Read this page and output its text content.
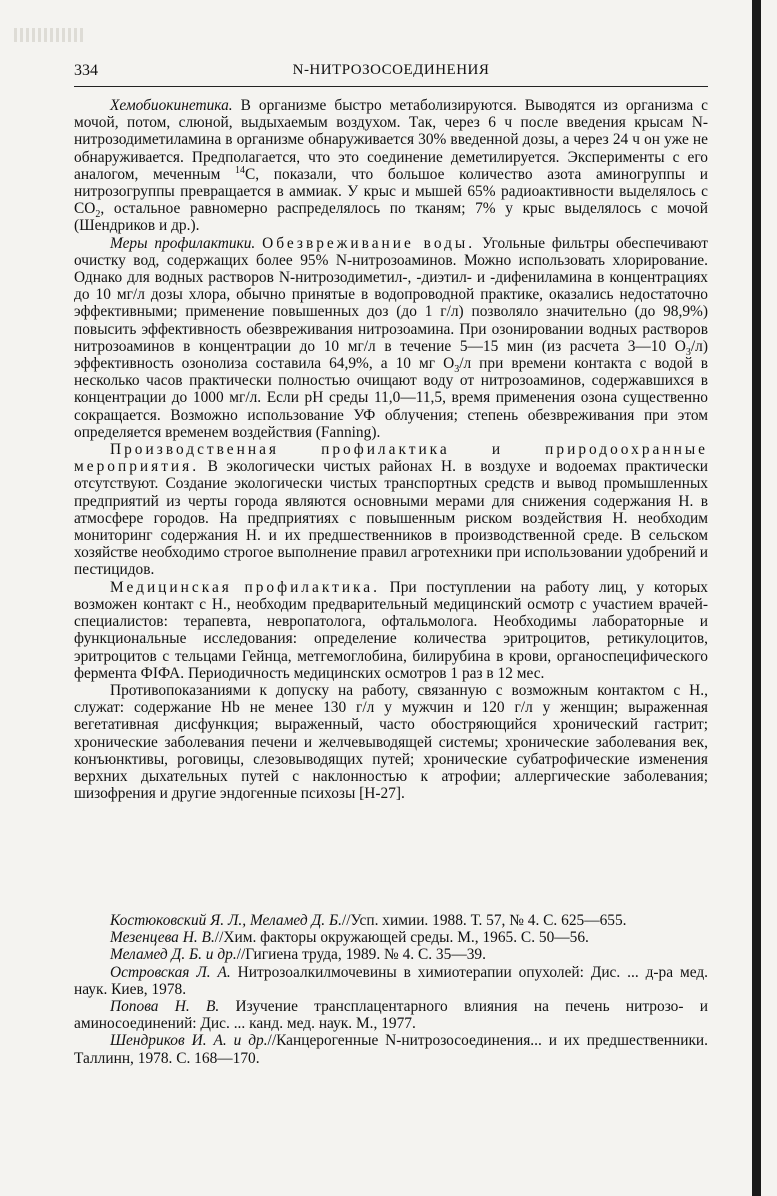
334	N-НИТРОЗОСОЕДИНЕНИЯ

Хемобиокинетика. В организме быстро метаболизируются. Выводятся из организма с мочой, потом, слюной, выдыхаемым воздухом. Так, через 6 ч после введения крысам N-нитрозодиметиламина в организме обнаруживается 30% введенной дозы, а через 24 ч он уже не обнаруживается. Предполагается, что это соединение деметилируется. Эксперименты с его аналогом, меченным $^{14}$С, показали, что большое количество азота аминогруппы и нитрозогруппы превращается в аммиак. У крыс и мышей 65% радиоактивности выделялось с $СО_2$, остальное равномерно распределялось по тканям; 7% у крыс выделялось с мочой (Шендриков и др.).

Меры профилактики. Обезвреживание воды. Угольные фильтры обеспечивают очистку вод, содержащих более 95% N-нитрозоаминов. Можно использовать хлорирование. Однако для водных растворов N-нитрозодиметил-, -диэтил- и -дифениламина в концентрациях до 10 мг/л дозы хлора, обычно принятые в водопроводной практике, оказались недостаточно эффективными; применение повышенных доз (до 1 г/л) позволяло значительно (до 98,9%) повысить эффективность обезвреживания нитрозоамина. При озонировании водных растворов нитрозоаминов в концентрации до 10 мг/л в течение 5—15 мин (из расчета 3—10 $О_3/л$) эффективность озонолиза составила 64,9%, а 10 мг $О_3/л$ при времени контакта с водой в несколько часов практически полностью очищают воду от нитрозоаминов, содержавшихся в концентрации до 1000 мг/л. Если pH среды 11,0—11,5, время применения озона существенно сокращается. Возможно использование УФ облучения; степень обезвреживания при этом определяется временем воздействия (Fanning).

Производственная профилактика и природоохранные мероприятия. В экологически чистых районах Н. в воздухе и водоемах практически отсутствуют. Создание экологически чистых транспортных средств и вывод промышленных предприятий из черты города являются основными мерами для снижения содержания Н. в атмосфере городов. На предприятиях с повышенным риском воздействия Н. необходим мониторинг содержания Н. и их предшественников в производственной среде. В сельском хозяйстве необходимо строгое выполнение правил агротехники при использовании удобрений и пестицидов.

Медицинская профилактика. При поступлении на работу лиц, у которых возможен контакт с Н., необходим предварительный медицинский осмотр с участием врачей-специалистов: терапевта, невропатолога, офтальмолога. Необходимы лабораторные и функциональные исследования: определение количества эритроцитов, ретикулоцитов, эритроцитов с тельцами Гейнца, метгемоглобина, билирубина в крови, органоспецифического фермента ФІФА. Периодичность медицинских осмотров 1 раз в 12 мес.

Противопоказаниями к допуску на работу, связанную с возможным контактом с Н., служат: содержание Hb не менее 130 г/л у мужчин и 120 г/л у женщин; выраженная вегетативная дисфункция; выраженный, часто обостряющийся хронический гастрит; хронические заболевания печени и желчевыводящей системы; хронические заболевания век, конъюнктивы, роговицы, слезовыводящих путей; хронические субатрофические изменения верхних дыхательных путей с наклонностью к атрофии; аллергические заболевания; шизофрения и другие эндогенные психозы [Н-27].

Костюковский Я. Л., Меламед Д. Б.//Усп. химии. 1988. Т. 57, № 4. С. 625—655.

Мезенцева Н. В.//Хим. факторы окружающей среды. М., 1965. С. 50—56.

Меламед Д. Б. и др.//Гигиена труда, 1989. № 4. С. 35—39.

Островская Л. А. Нитрозоалкилмочевины в химиотерапии опухолей: Дис. ... д-ра мед. наук. Киев, 1978.

Попова Н. В. Изучение трансплацентарного влияния на печень нитрозо- и аминосоединений: Дис. ... канд. мед. наук. М., 1977.

Шендриков И. А. и др.//Канцерогенные N-нитрозосоединения... и их предшественники. Таллинн, 1978. С. 168—170.
